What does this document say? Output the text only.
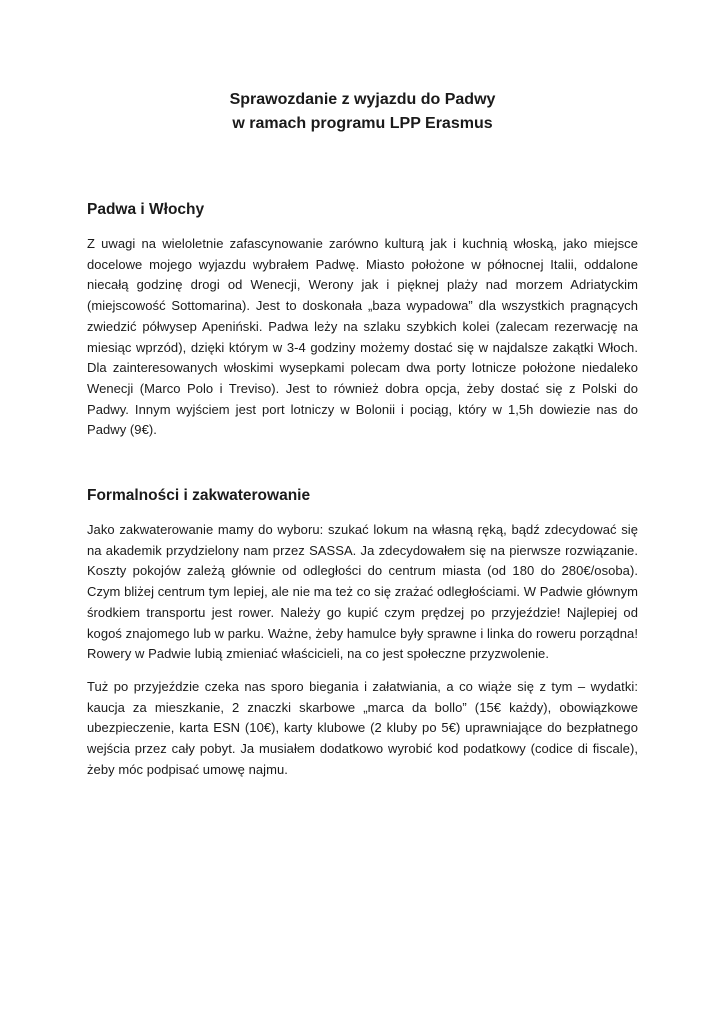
Sprawozdanie z wyjazdu do Padwy
w ramach programu LPP Erasmus
Padwa i Włochy

Z uwagi na wieloletnie zafascynowanie zarówno kulturą jak i kuchnią włoską, jako miejsce docelowe mojego wyjazdu wybrałem Padwę. Miasto położone w północnej Italii, oddalone niecałą godzinę drogi od Wenecji, Werony jak i pięknej plaży nad morzem Adriatyckim (miejscowość Sottomarina). Jest to doskonała „baza wypadowa” dla wszystkich pragnących zwiedzić półwysep Apeniński. Padwa leży na szlaku szybkich kolei (zalecam rezerwację na miesiąc wprzód), dzięki którym w 3-4 godziny możemy dostać się w najdalsze zakątki Włoch. Dla zainteresowanych włoskimi wysepkami polecam dwa porty lotnicze położone niedaleko Wenecji (Marco Polo i Treviso). Jest to również dobra opcja, żeby dostać się z Polski do Padwy. Innym wyjściem jest port lotniczy w Bolonii i pociąg, który w 1,5h dowiezie nas do Padwy (9€).

Formalności i zakwaterowanie

Jako zakwaterowanie mamy do wyboru: szukać lokum na własną ręką, bądź zdecydować się na akademik przydzielony nam przez SASSA. Ja zdecydowałem się na pierwsze rozwiązanie. Koszty pokojów zależą głównie od odległości do centrum miasta (od 180 do 280€/osoba). Czym bliżej centrum tym lepiej, ale nie ma też co się zrażać odległościami. W Padwie głównym środkiem transportu jest rower. Należy go kupić czym prędzej po przyjeździe! Najlepiej od kogoś znajomego lub w parku. Ważne, żeby hamulce były sprawne i linka do roweru porządna! Rowery w Padwie lubią zmieniać właścicieli, na co jest społeczne przyzwolenie.

Tuż po przyjeździe czeka nas sporo biegania i załatwiania, a co wiąże się z tym – wydatki: kaucja za mieszkanie, 2 znaczki skarbowe „marca da bollo” (15€ każdy), obowiązkowe ubezpieczenie, karta ESN (10€), karty klubowe (2 kluby po 5€) uprawniające do bezpłatnego wejścia przez cały pobyt. Ja musiałem dodatkowo wyrobić kod podatkowy (codice di fiscale), żeby móc podpisać umowę najmu.
